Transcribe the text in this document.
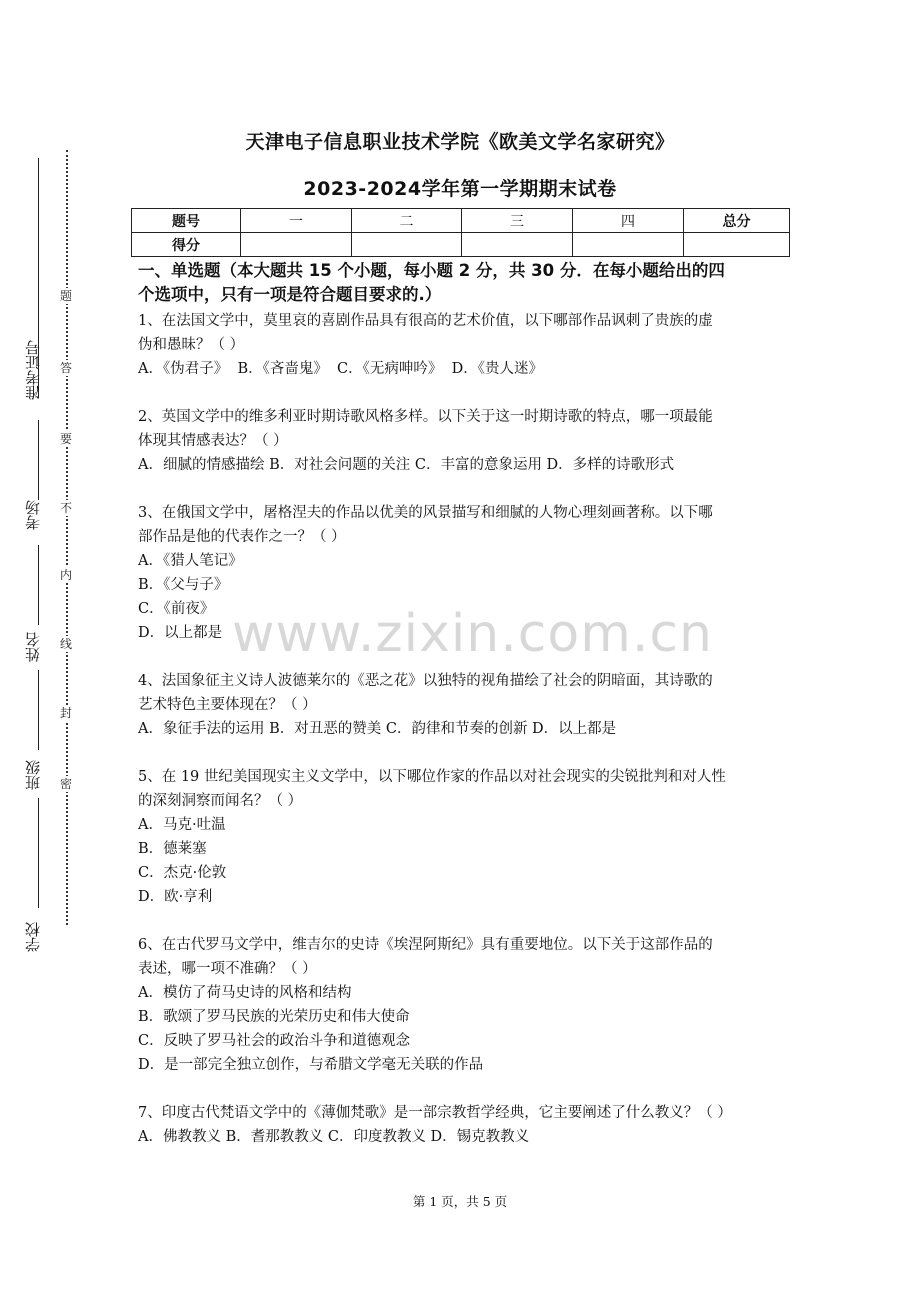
准考证号
考场
姓名
班级
学校
题
答
要
不
内
线
封
密
天津电子信息职业技术学院《欧美文学名家研究》
2023-2024学年第一学期期末试卷
题号	一	二	三	四	总分
得分					
www.zixin.com.cn
一、单选题（本大题共 15 个小题，每小题 2 分，共 30 分．在每小题给出的四
个选项中，只有一项是符合题目要求的.）
1、在法国文学中，莫里哀的喜剧作品具有很高的艺术价值，以下哪部作品讽刺了贵族的虚
伪和愚昧？（ ）
A．《伪君子》  B．《吝啬鬼》  C．《无病呻吟》  D．《贵人迷》
2、英国文学中的维多利亚时期诗歌风格多样。以下关于这一时期诗歌的特点，哪一项最能
体现其情感表达？（ ）
A．细腻的情感描绘 B．对社会问题的关注 C．丰富的意象运用 D．多样的诗歌形式
3、在俄国文学中，屠格涅夫的作品以优美的风景描写和细腻的人物心理刻画著称。以下哪
部作品是他的代表作之一？（ ）
A．《猎人笔记》
B．《父与子》
C．《前夜》
D．以上都是
4、法国象征主义诗人波德莱尔的《恶之花》以独特的视角描绘了社会的阴暗面，其诗歌的
艺术特色主要体现在？（ ）
A．象征手法的运用 B．对丑恶的赞美 C．韵律和节奏的创新 D．以上都是
5、在 19 世纪美国现实主义文学中，以下哪位作家的作品以对社会现实的尖锐批判和对人性
的深刻洞察而闻名？（ ）
A．马克·吐温
B．德莱塞
C．杰克·伦敦
D．欧·亨利
6、在古代罗马文学中，维吉尔的史诗《埃涅阿斯纪》具有重要地位。以下关于这部作品的
表述，哪一项不准确？（ ）
A．模仿了荷马史诗的风格和结构
B．歌颂了罗马民族的光荣历史和伟大使命
C．反映了罗马社会的政治斗争和道德观念
D．是一部完全独立创作，与希腊文学毫无关联的作品
7、印度古代梵语文学中的《薄伽梵歌》是一部宗教哲学经典，它主要阐述了什么教义？（ ）
A．佛教教义 B．耆那教教义 C．印度教教义 D．锡克教教义
第 1 页，共 5 页
